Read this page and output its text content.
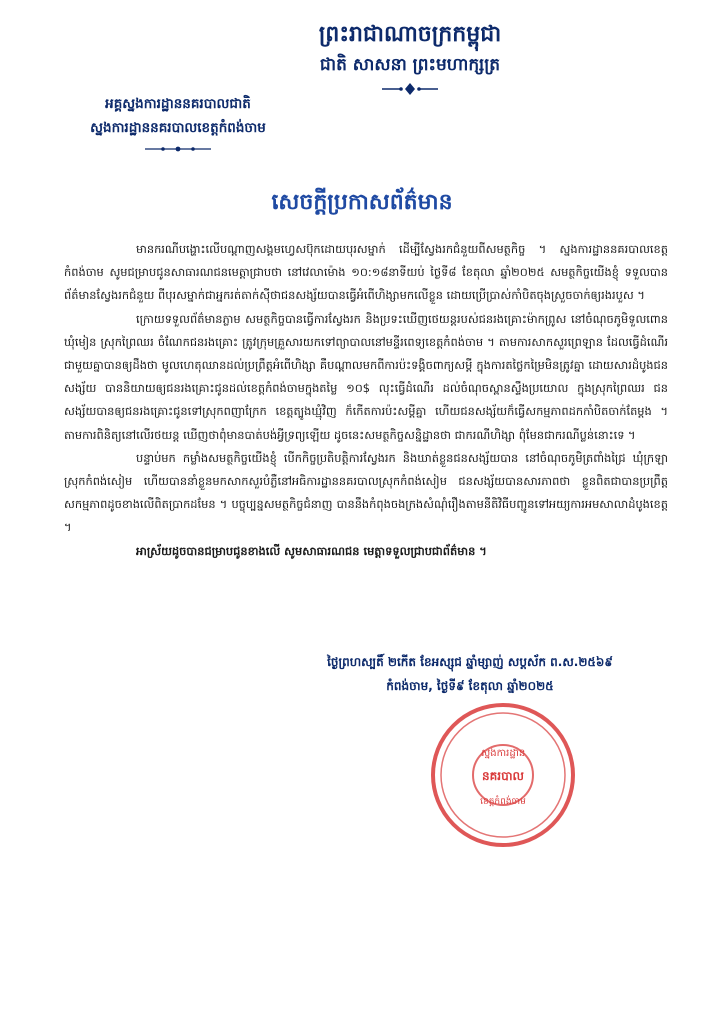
ព្រះរាជាណាចក្រកម្ពុជា
ជាតិ សាសនា ព្រះមហាក្សត្រ
អគ្គស្នងការដ្ឋាននគរបាលជាតិ
ស្នងការដ្ឋាននគរបាលខេត្តកំពង់ចាម
សេចក្តីប្រកាសព័ត៌មាន

មានករណីបង្ហោះលើបណ្តាញសង្គមហ្វេសប៊ុកដោយបុរសម្នាក់ ដើម្បីស្វែងរកជំនួយពីសមត្ថកិច្ច ។ ស្នងការដ្ឋាននគរបាលខេត្តកំពង់ចាម សូមជម្រាបជូនសាធារណជនមេត្តាជ្រាបថា នៅវេលាម៉ោង ១០:១៨នាទីយប់ ថ្ងៃទី៨ ខែតុលា ឆ្នាំ២០២៥ សមត្ថកិច្ចយើងខ្ញុំ ទទួលបានព័ត៌មានស្វែងរកជំនួយ ពីបុរសម្នាក់ជាអ្នករត់តាក់ស៊ីថាជនសង្ស័យបានធ្វើអំពើហិង្សាមកលើខ្លួន ដោយប្រើប្រាស់កាំបិតចុងស្រួចចាក់ឲ្យរងរបួស ។

ក្រោយទទួលព័ត៌មានភ្លាម សមត្ថកិច្ចបានធ្វើការស្វែងរក និងប្រទះឃើញថេយន្តរបស់ជនរងគ្រោះម៉ាកព្រូស នៅចំណុចភូមិទួលពោន ឃុំមៀន ស្រុកព្រៃឈរ ចំណែកជនរងគ្រោះ ត្រូវក្រុមគ្រួសារយកទៅព្យាបាលនៅមន្ទីរពេទ្យខេត្តកំពង់ចាម ។ តាមការសាកសួរព្រេឡាន ដែលធ្វើដំណើរជាមួយគ្នាបានឲ្យដឹងថា មូលហេតុឈានដល់ប្រព្រឹត្តអំពើហិង្សា គឺបណ្តាលមកពីការប៉ះទង្គិចពាក្យសម្តី ក្នុងការតថ្លៃកម្រៃមិនត្រូវគ្នា ដោយសារដំបូងជនសង្ស័យ បាននិយាយឲ្យជនរងគ្រោះជូនដល់ខេត្តកំពង់ចាមក្នុងតម្លៃ ១០$ លុះធ្វើដំណើរ ដល់ចំណុចស្ពានស្ទឹងប្រយោល ក្នុងស្រុកព្រៃឈរ ជនសង្ស័យបានឲ្យជនរងគ្រោះជូនទៅស្រុកពញាក្រែក ខេត្តត្បូងឃ្មុំវិញ ក៏កើតការប៉ះសម្តីគ្នា ហើយជនសង្ស័យក៏ធ្វើសកម្មភាពដកកាំបិតចាក់តែម្តង ។ តាមការពិនិត្យនៅលើរថយន្ត ឃើញថាពុំមានបាត់បង់អ្វីទ្រព្យឡើយ ដូចនេះសមត្ថកិច្ចសន្និដ្ឋានថា ជាករណីហិង្សា ពុំមែនជាករណីប្លន់នោះទេ ។

បន្ទាប់មក កម្លាំងសមត្ថកិច្ចយើងខ្ញុំ បើកកិច្ចប្រតិបត្តិការស្វែងរក និងឃាត់ខ្លួនជនសង្ស័យបាន នៅចំណុចភូមិត្រពាំងជ្រៃ ឃុំក្រឡា ស្រុកកំពង់សៀម ហើយបាននាំខ្លួនមកសាកសួរបំភ្លឺនៅអធិការដ្ឋាននគរបាលស្រុកកំពង់សៀម ជនសង្ស័យបានសារភាពថា ខ្លួនពិតជាបានប្រព្រឹត្តសកម្មភាពដូចខាងលើពិតប្រាកដមែន ។ បច្ចុប្បន្នសមត្ថកិច្ចជំនាញ បាននឹងកំពុងចងក្រងសំណុំរឿងតាមនីតិវិធីបញ្ជូនទៅអយ្យការអមសាលាដំបូងខេត្ត ។

អាស្រ័យដូចបានជម្រាបជូនខាងលើ សូមសាធារណជន មេត្តាទទួលជ្រាបជាព័ត៌មាន ។

ថ្ងៃព្រហស្បតិ៍ ២កើត ខែអស្សុជ ឆ្នាំម្សាញ់ សប្តស័ក ព.ស.២៥៦៩
កំពង់ចាម, ថ្ងៃទី៩ ខែតុលា ឆ្នាំ២០២៥
ស្នងការដ្ឋាន
នគរបាល
ខេត្តកំពង់ចាម
